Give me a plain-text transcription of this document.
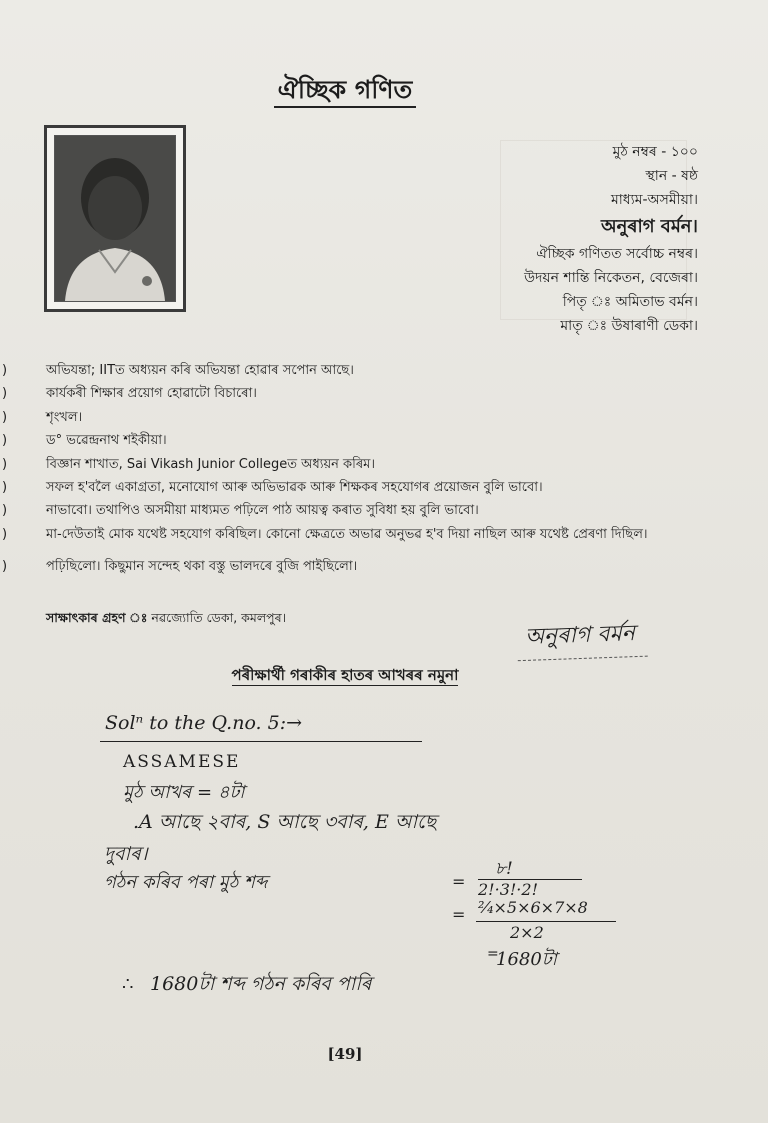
ঐচ্ছিক গণিত
মুঠ নম্বৰ - ১০০
স্থান - ষষ্ঠ
মাধ্যম-অসমীয়া।
অনুৰাগ বৰ্মন।
ঐচ্ছিক গণিতত সৰ্বোচ্চ নম্বৰ।
উদয়ন শান্তি নিকেতন, বেজেৰা।
পিতৃ ঃ অমিতাভ বৰ্মন।
মাতৃ ঃ উষাৰাণী ডেকা।
)	অভিযন্তা; IITত অধ্যয়ন কৰি অভিযন্তা হোৱাৰ সপোন আছে।
)	কাৰ্যকৰী শিক্ষাৰ প্ৰয়োগ হোৱাটো বিচাৰো।
)	শৃংখল।
)	ড° ভৱেন্দ্ৰনাথ শইকীয়া।
)	বিজ্ঞান শাখাত, Sai Vikash Junior Collegeত অধ্যয়ন কৰিম।
)	সফল হ'বলৈ একাগ্ৰতা, মনোযোগ আৰু অভিভাৱক আৰু শিক্ষকৰ সহযোগৰ প্ৰয়োজন বুলি ভাবো।
)	নাভাবো। তথাপিও অসমীয়া মাধ্যমত পঢ়িলে পাঠ আয়ত্ব কৰাত সুবিধা হয় বুলি ভাবো।
)	মা-দেউতাই মোক যথেষ্ট সহযোগ কৰিছিল। কোনো ক্ষেত্ৰতে অভাৱ অনুভৱ হ'ব দিয়া নাছিল আৰু যথেষ্ট প্ৰেৰণা দিছিল।
)	পঢ়িছিলো। কিছুমান সন্দেহ থকা বস্তু ভালদৰে বুজি পাইছিলো।
সাক্ষাৎকাৰ গ্ৰহণ ঃ নৱজ্যোতি ডেকা, কমলপুৰ।
অনুৰাগ বৰ্মন
পৰীক্ষাৰ্থী গৰাকীৰ হাতৰ আখৰৰ নমুনা
Solⁿ to the Q.no. 5:→
ASSAMESE
মুঠ আখৰ = ৪টা
.A আছে ২বাৰ, S আছে ৩বাৰ, E আছে
দুবাৰ।
গঠন কৰিব পৰা মুঠ শব্দ	=
৮!
2!·3!·2!
= ²⁄₄×5×6×7×8
2×2
=
1680টা
∴ 1680টা শব্দ গঠন কৰিব পাৰি
[49]
